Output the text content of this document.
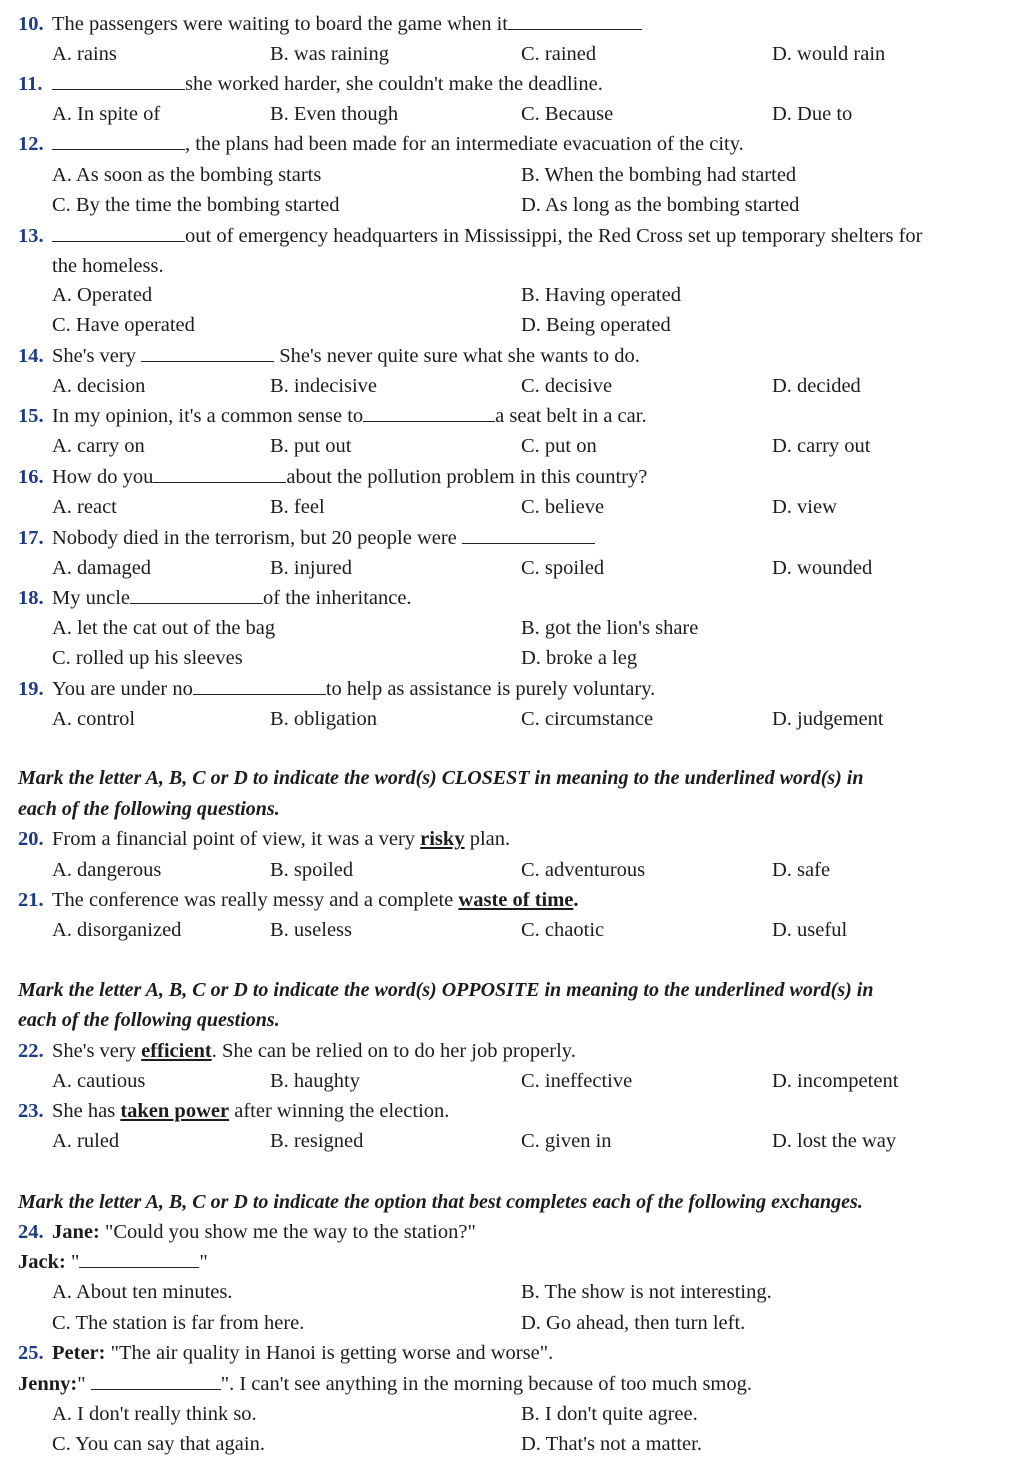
10. The passengers were waiting to board the game when it
A. rains	B. was raining	C. rained	D. would rain
11.	she worked harder, she couldn't make the deadline.
A. In spite of	B. Even though	C. Because	D. Due to
12.	, the plans had been made for an intermediate evacuation of the city.
A. As soon as the bombing starts	B. When the bombing had started
C. By the time the bombing started	D. As long as the bombing started
13.	out of emergency headquarters in Mississippi, the Red Cross set up temporary shelters for
the homeless.
A. Operated	B. Having operated
C. Have operated	D. Being operated
14. She's very	She's never quite sure what she wants to do.
A. decision	B. indecisive	C. decisive	D. decided
15. In my opinion, it's a common sense to	a seat belt in a car.
A. carry on	B. put out	C. put on	D. carry out
16. How do you	about the pollution problem in this country?
A. react	B. feel	C. believe	D. view
17. Nobody died in the terrorism, but 20 people were
A. damaged	B. injured	C. spoiled	D. wounded
18. My uncle	of the inheritance.
A. let the cat out of the bag	B. got the lion's share
C. rolled up his sleeves	D. broke a leg
19. You are under no	to help as assistance is purely voluntary.
A. control	B. obligation	C. circumstance	D. judgement
Mark the letter A, B, C or D to indicate the word(s) CLOSEST in meaning to the underlined word(s) in
each of the following questions.
20. From a financial point of view, it was a very risky plan.
A. dangerous	B. spoiled	C. adventurous	D. safe
21. The conference was really messy and a complete waste of time.
A. disorganized	B. useless	C. chaotic	D. useful
Mark the letter A, B, C or D to indicate the word(s) OPPOSITE in meaning to the underlined word(s) in
each of the following questions.
22. She's very efficient. She can be relied on to do her job properly.
A. cautious	B. haughty	C. ineffective	D. incompetent
23. She has taken power after winning the election.
A. ruled	B. resigned	C. given in	D. lost the way
Mark the letter A, B, C or D to indicate the option that best completes each of the following exchanges.
24. Jane: "Could you show me the way to the station?"
Jack: "	"
A. About ten minutes.	B. The show is not interesting.
C. The station is far from here.	D. Go ahead, then turn left.
25. Peter: "The air quality in Hanoi is getting worse and worse".
Jenny:"	". I can't see anything in the morning because of too much smog.
A. I don't really think so.	B. I don't quite agree.
C. You can say that again.	D. That's not a matter.
